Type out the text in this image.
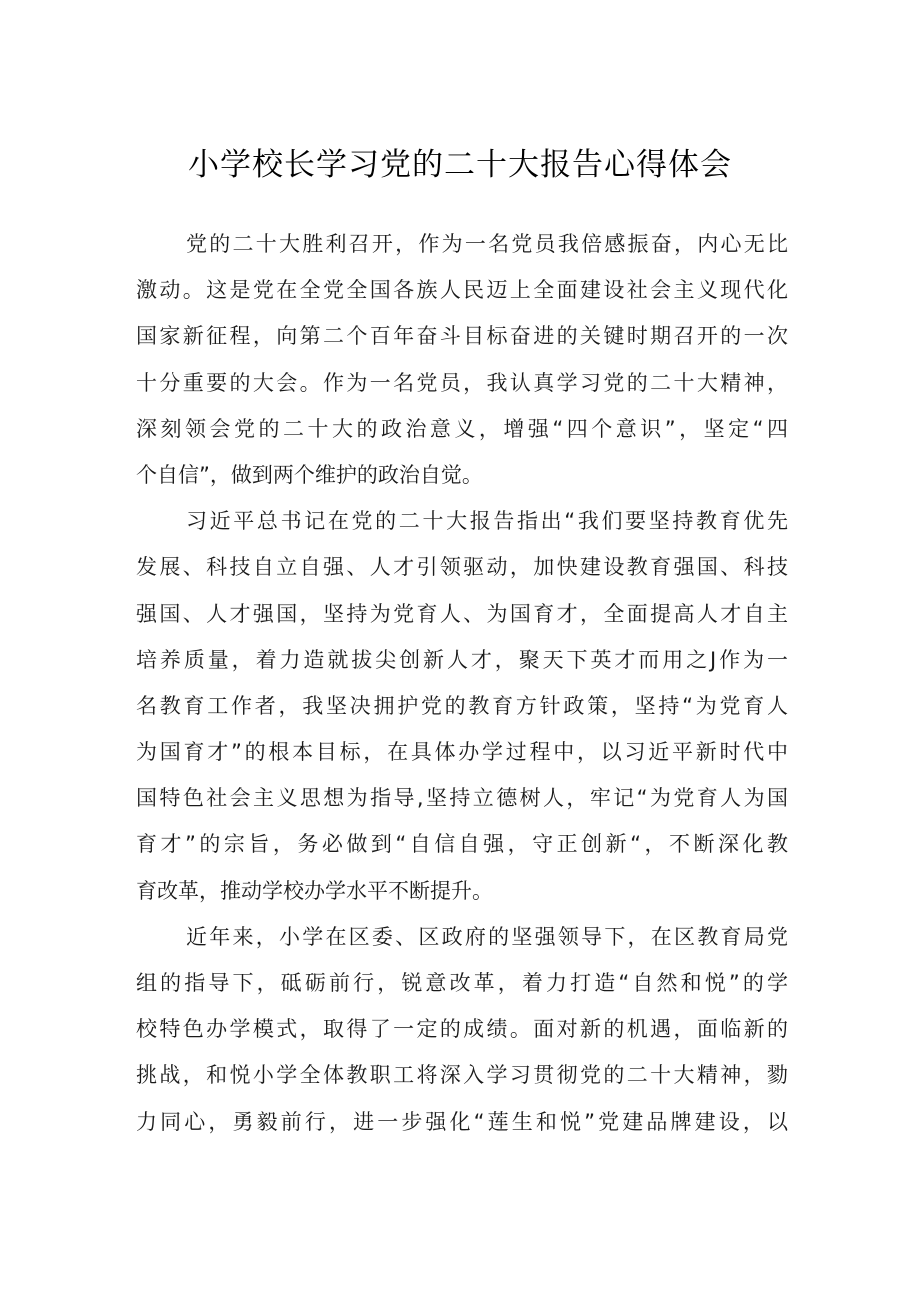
小学校长学习党的二十大报告心得体会
党的二十大胜利召开，作为一名党员我倍感振奋，内心无比
激动。这是党在全党全国各族人民迈上全面建设社会主义现代化
国家新征程，向第二个百年奋斗目标奋进的关键时期召开的一次
十分重要的大会。作为一名党员，我认真学习党的二十大精神，
深刻领会党的二十大的政治意义，增强“四个意识”，坚定“四
个自信”，做到两个维护的政治自觉。
习近平总书记在党的二十大报告指出“我们要坚持教育优先
发展、科技自立自强、人才引领驱动，加快建设教育强国、科技
强国、人才强国，坚持为党育人、为国育才，全面提高人才自主
培养质量，着力造就拔尖创新人才，聚天下英才而用之J作为一
名教育工作者，我坚决拥护党的教育方针政策，坚持“为党育人
为国育才”的根本目标，在具体办学过程中，以习近平新时代中
国特色社会主义思想为指导,坚持立德树人，牢记“为党育人为国
育才”的宗旨，务必做到“自信自强，守正创新“，不断深化教
育改革，推动学校办学水平不断提升。
近年来，小学在区委、区政府的坚强领导下，在区教育局党
组的指导下，砥砺前行，锐意改革，着力打造“自然和悦”的学
校特色办学模式，取得了一定的成绩。面对新的机遇，面临新的
挑战，和悦小学全体教职工将深入学习贯彻党的二十大精神，勠
力同心，勇毅前行，进一步强化“莲生和悦”党建品牌建设，以
